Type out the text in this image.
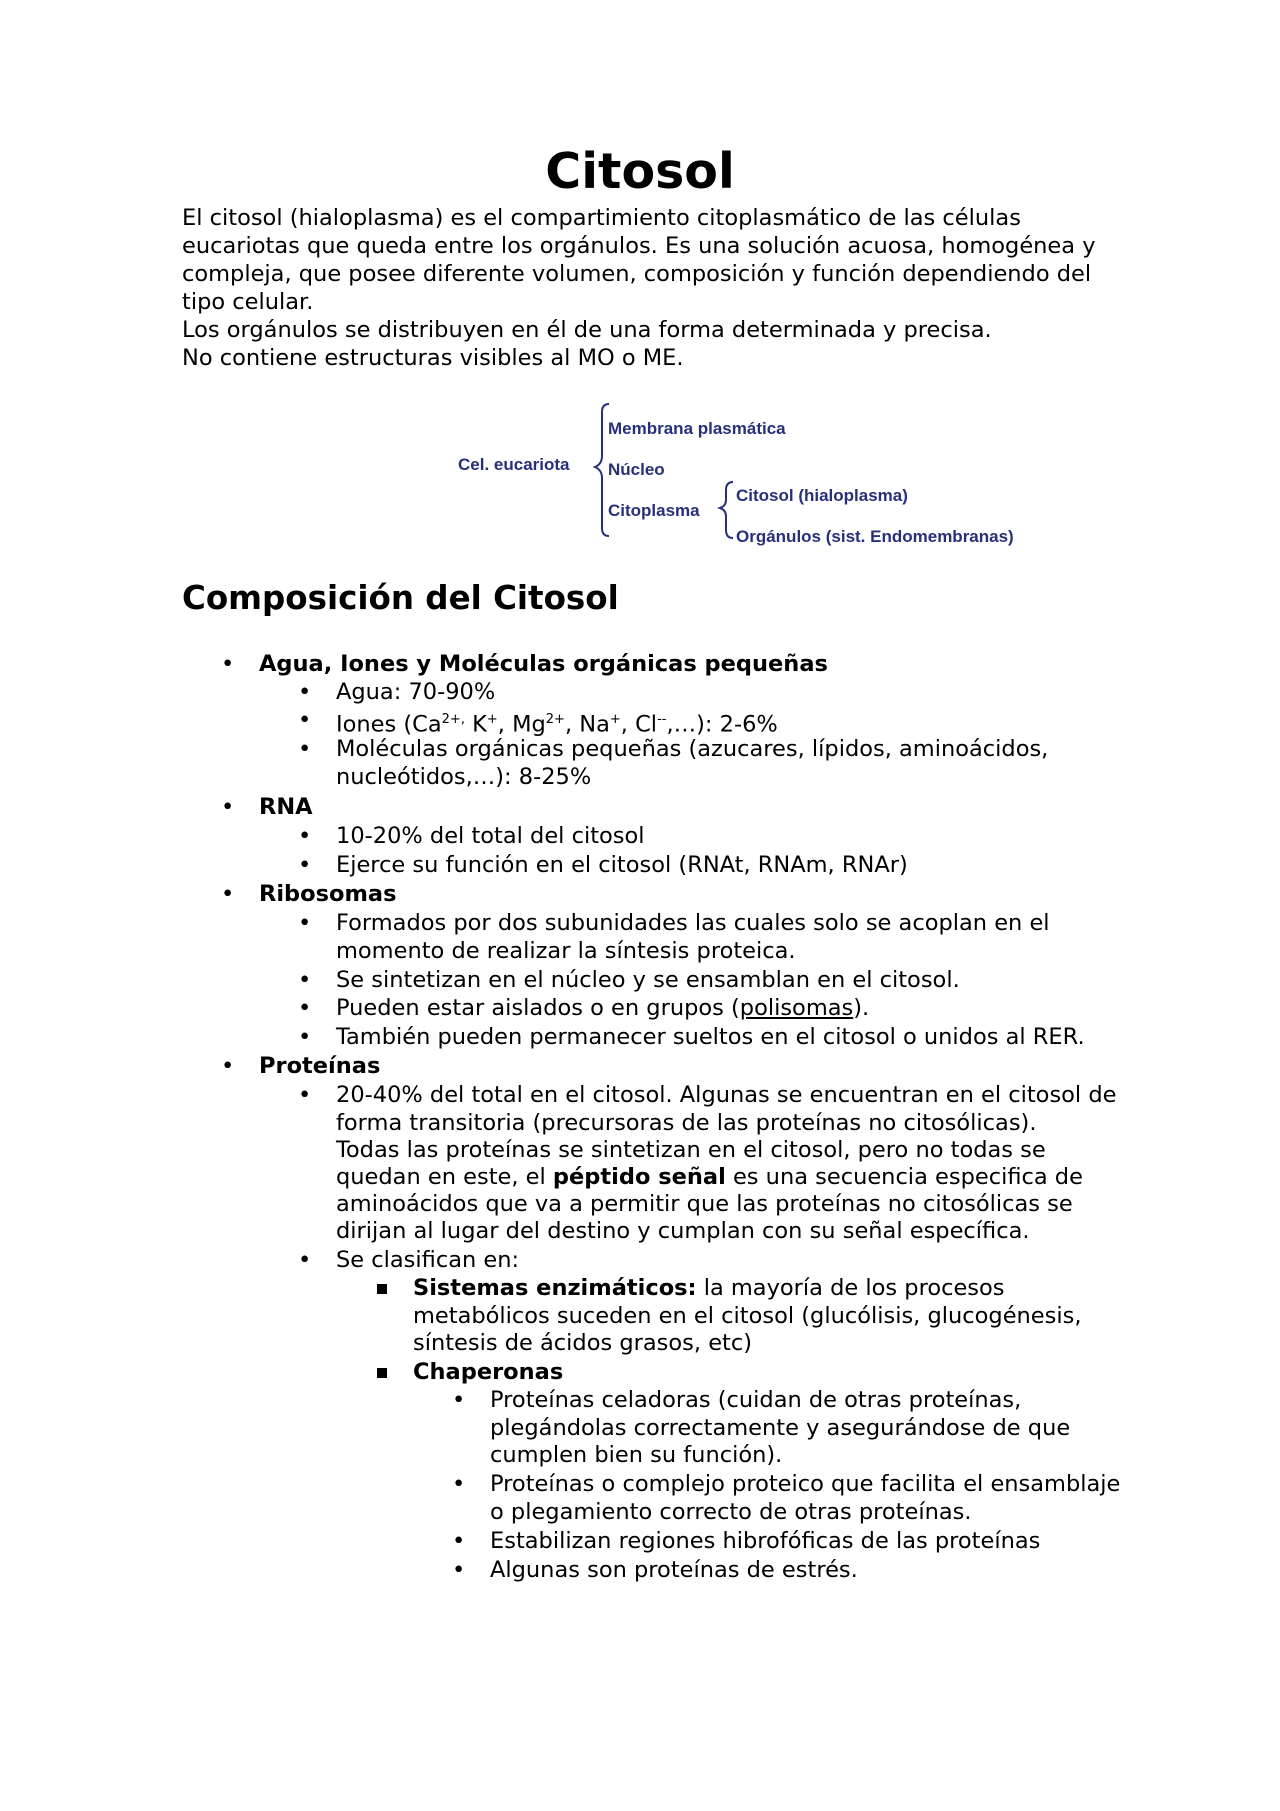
Citosol

El citosol (hialoplasma) es el compartimiento citoplasmático de las células

eucariotas que queda entre los orgánulos. Es una solución acuosa, homogénea y

compleja, que posee diferente volumen, composición y función dependiendo del

tipo celular.

Los orgánulos se distribuyen en él de una forma determinada y precisa.

No contiene estructuras visibles al MO o ME.

Cel. eucariota
Membrana plasmática
Núcleo
Citoplasma
Citosol (hialoplasma)
Orgánulos (sist. Endomembranas)
Composición del Citosol
•
Agua, Iones y Moléculas orgánicas pequeñas
•
Agua: 70-90%
•
Iones ($Ca^{2+,}$ K+, $Mg^{2+}$, Na+, Cl--,…): 2-6%
•
Moléculas orgánicas pequeñas (azucares, lípidos, aminoácidos,
nucleótidos,…): 8-25%
•
RNA
•
10-20% del total del citosol
•
Ejerce su función en el citosol (RNAt, RNAm, RNAr)
•
Ribosomas
•
Formados por dos subunidades las cuales solo se acoplan en el
momento de realizar la síntesis proteica.
•
Se sintetizan en el núcleo y se ensamblan en el citosol.
•
Pueden estar aislados o en grupos (polisomas).
•
También pueden permanecer sueltos en el citosol o unidos al RER.
•
Proteínas
•
20-40% del total en el citosol. Algunas se encuentran en el citosol de
forma transitoria (precursoras de las proteínas no citosólicas).
Todas las proteínas se sintetizan en el citosol, pero no todas se
quedan en este, el péptido señal es una secuencia especifica de
aminoácidos que va a permitir que las proteínas no citosólicas se
dirijan al lugar del destino y cumplan con su señal específica.
•
Se clasifican en:
Sistemas enzimáticos: la mayoría de los procesos
metabólicos suceden en el citosol (glucólisis, glucogénesis,
síntesis de ácidos grasos, etc)
Chaperonas
•
Proteínas celadoras (cuidan de otras proteínas,
plegándolas correctamente y asegurándose de que
cumplen bien su función).
•
Proteínas o complejo proteico que facilita el ensamblaje
o plegamiento correcto de otras proteínas.
•
Estabilizan regiones hibrofóficas de las proteínas
•
Algunas son proteínas de estrés.
